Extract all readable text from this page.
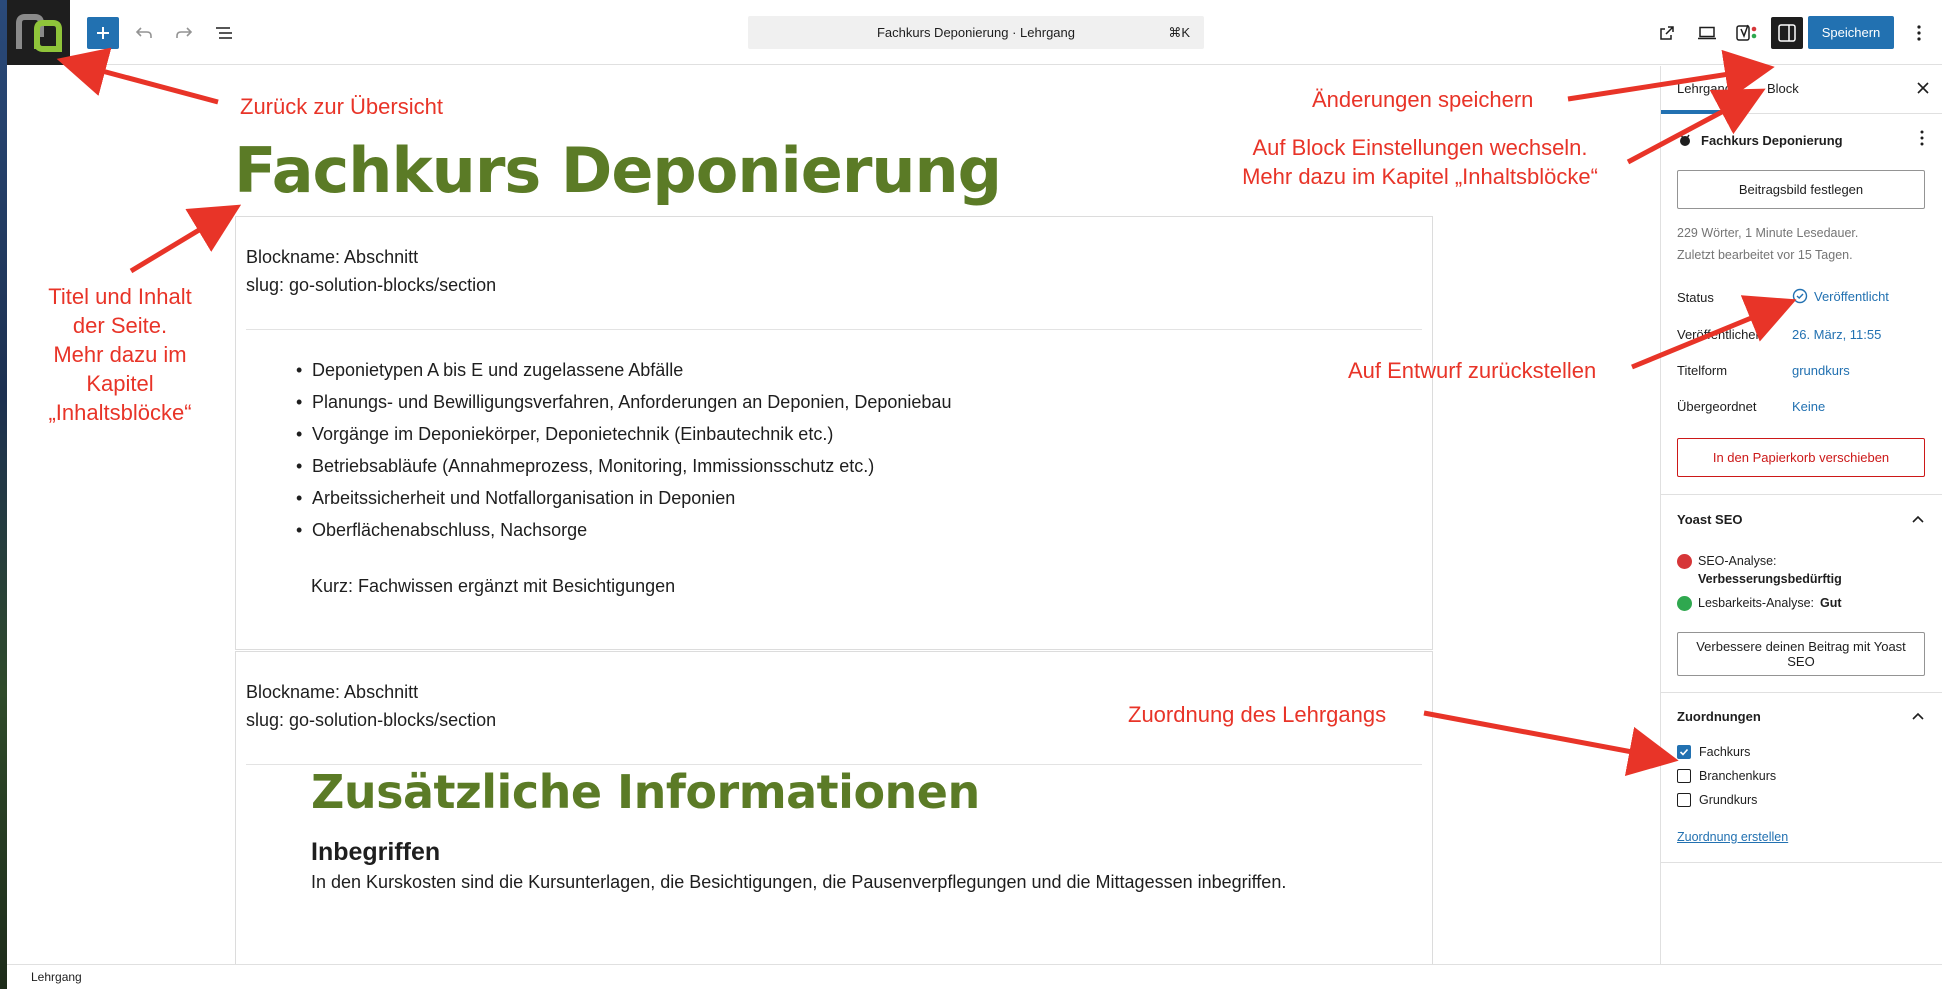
Fachkurs Deponierung · Lehrgang	⌘K	Speichern
Fachkurs Deponierung
Blockname: Abschnitt
slug: go-solution-blocks/section
• Deponietypen A bis E und zugelassene Abfälle
• Planungs- und Bewilligungsverfahren, Anforderungen an Deponien, Deponiebau
• Vorgänge im Deponiekörper, Deponietechnik (Einbautechnik etc.)
• Betriebsabläufe (Annahmeprozess, Monitoring, Immissionsschutz etc.)
• Arbeitssicherheit und Notfallorganisation in Deponien
• Oberflächenabschluss, Nachsorge
Kurz: Fachwissen ergänzt mit Besichtigungen
Blockname: Abschnitt
slug: go-solution-blocks/section
Zusätzliche Informationen
Inbegriffen
In den Kurskosten sind die Kursunterlagen, die Besichtigungen, die Pausenverpflegungen und die Mittagessen inbegriffen.
Lehrgang	Block
Fachkurs Deponierung
Beitragsbild festlegen
229 Wörter, 1 Minute Lesedauer.
Zuletzt bearbeitet vor 15 Tagen.
Status	Veröffentlicht
Veröffentlichen 26. März, 11:55
Titelform	grundkurs
Übergeordnet	Keine
In den Papierkorb verschieben
Yoast SEO
SEO-Analyse:
Verbesserungsbedürftig
Lesbarkeits-Analyse: Gut
Verbessere deinen Beitrag mit Yoast SEO
Zuordnungen
Fachkurs
Branchenkurs
Grundkurs
Zuordnung erstellen
Lehrgang
Zurück zur Übersicht
Titel und Inhalt
der Seite.
Mehr dazu im
Kapitel
„Inhaltsblöcke“
Änderungen speichern
Auf Block Einstellungen wechseln.
Mehr dazu im Kapitel „Inhaltsblöcke“
Auf Entwurf zurückstellen
Zuordnung des Lehrgangs
